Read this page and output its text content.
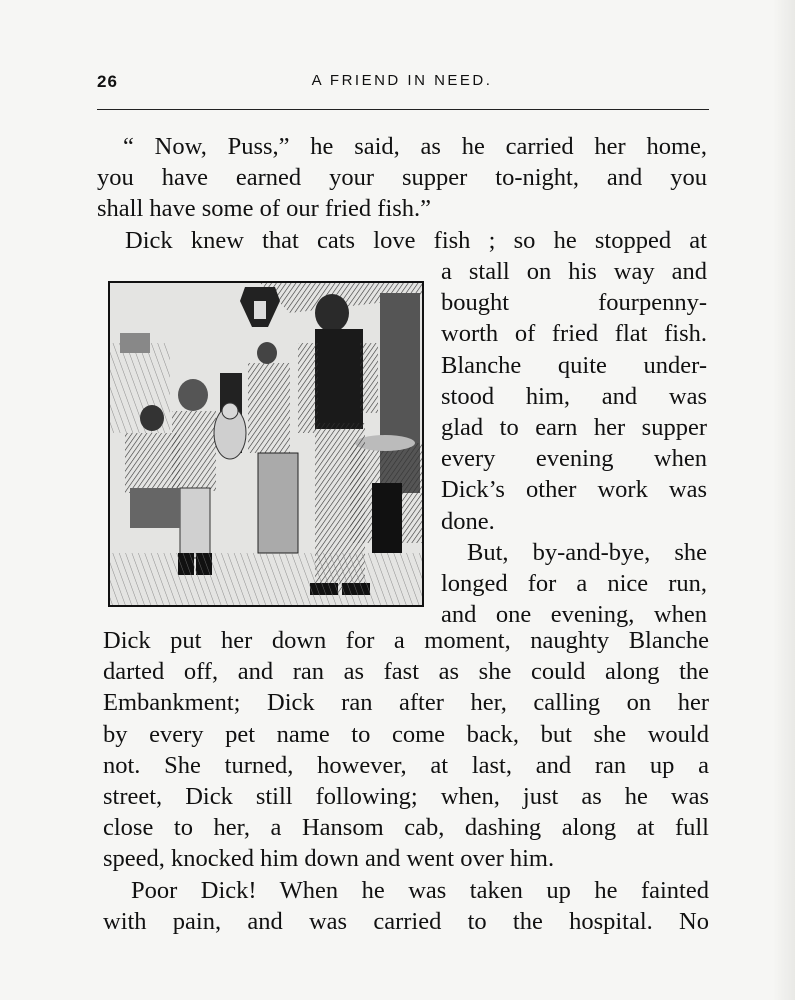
26	A FRIEND IN NEED.
“ Now, Puss,” he said, as he carried her home,
you have earned your supper to-night, and you
shall have some of our fried fish.”
Dick knew that cats love fish ; so he stopped at
a stall on his way and
bought fourpenny-
worth of fried flat fish.
Blanche quite under-
stood him, and was
glad to earn her supper
every evening when
Dick’s other work was
done.
But, by-and-bye, she
longed for a nice run,
and one evening, when
Dick put her down for a moment, naughty Blanche
darted off, and ran as fast as she could along the
Embankment; Dick ran after her, calling on her
by every pet name to come back, but she would
not. She turned, however, at last, and ran up a
street, Dick still following; when, just as he was
close to her, a Hansom cab, dashing along at full
speed, knocked him down and went over him.
Poor Dick! When he was taken up he fainted
with pain, and was carried to the hospital. No
